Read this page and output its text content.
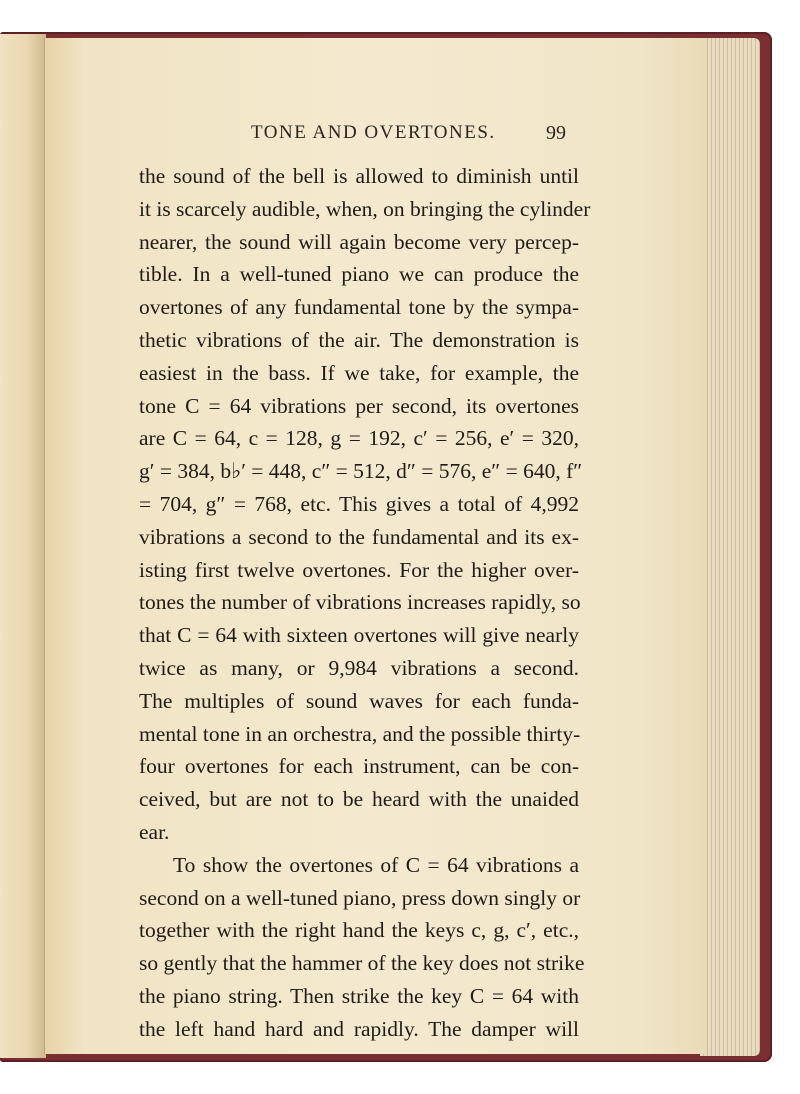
TONE AND OVERTONES.	99
the sound of the bell is allowed to diminish until
it is scarcely audible, when, on bringing the cylinder
nearer, the sound will again become very percep-
tible. In a well-tuned piano we can produce the
overtones of any fundamental tone by the sympa-
thetic vibrations of the air. The demonstration is
easiest in the bass. If we take, for example, the
tone C = 64 vibrations per second, its overtones
are C = 64, c = 128, g = 192, c′ = 256, e′ = 320,
g′ = 384, b♭′ = 448, c″ = 512, d″ = 576, e″ = 640, f″
= 704, g″ = 768, etc. This gives a total of 4,992
vibrations a second to the fundamental and its ex-
isting first twelve overtones. For the higher over-
tones the number of vibrations increases rapidly, so
that C = 64 with sixteen overtones will give nearly
twice as many, or 9,984 vibrations a second.
The multiples of sound waves for each funda-
mental tone in an orchestra, and the possible thirty-
four overtones for each instrument, can be con-
ceived, but are not to be heard with the unaided
ear.
To show the overtones of C = 64 vibrations a
second on a well-tuned piano, press down singly or
together with the right hand the keys c, g, c′, etc.,
so gently that the hammer of the key does not strike
the piano string. Then strike the key C = 64 with
the left hand hard and rapidly. The damper will
